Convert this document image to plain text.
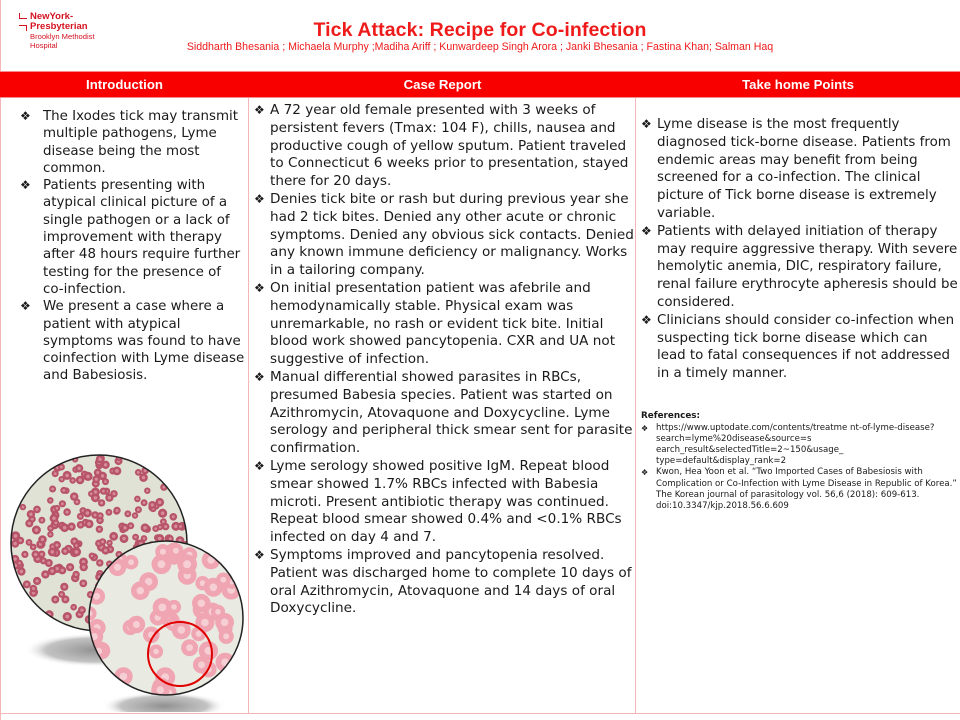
NewYork-
Presbyterian
Brooklyn Methodist
Hospital
Tick Attack: Recipe for Co-infection
Siddharth Bhesania ; Michaela Murphy ;Madiha Ariff ; Kunwardeep Singh Arora ; Janki Bhesania ; Fastina Khan; Salman Haq
Introduction	Case Report	Take home Points
❖ The Ixodes tick may transmit multiple pathogens, Lyme disease being the most common.
❖ Patients presenting with atypical clinical picture of a single pathogen or a lack of improvement with therapy after 48 hours require further testing for the presence of co-infection.
❖ We present a case where a patient with atypical symptoms was found to have coinfection with Lyme disease and Babesiosis.
❖ A 72 year old female presented with 3 weeks of persistent fevers (Tmax: 104 F), chills, nausea and productive cough of yellow sputum. Patient traveled to Connecticut 6 weeks prior to presentation, stayed there for 20 days.
❖ Denies tick bite or rash but during previous year she had 2 tick bites. Denied any other acute or chronic symptoms. Denied any obvious sick contacts. Denied any known immune deficiency or malignancy. Works in a tailoring company.
❖ On initial presentation patient was afebrile and hemodynamically stable. Physical exam was unremarkable, no rash or evident tick bite. Initial blood work showed pancytopenia. CXR and UA not suggestive of infection.
❖ Manual differential showed parasites in RBCs, presumed Babesia species. Patient was started on Azithromycin, Atovaquone and Doxycycline. Lyme serology and peripheral thick smear sent for parasite confirmation.
❖ Lyme serology showed positive IgM. Repeat blood smear showed 1.7% RBCs infected with Babesia microti. Present antibiotic therapy was continued. Repeat blood smear showed 0.4% and <0.1% RBCs infected on day 4 and 7.
❖ Symptoms improved and pancytopenia resolved. Patient was discharged home to complete 10 days of oral Azithromycin, Atovaquone and 14 days of oral Doxycycline.
❖ Lyme disease is the most frequently diagnosed tick-borne disease. Patients from endemic areas may benefit from being screened for a co-infection. The clinical picture of Tick borne disease is extremely variable.
❖ Patients with delayed initiation of therapy may require aggressive therapy. With severe hemolytic anemia, DIC, respiratory failure, renal failure erythrocyte apheresis should be considered.
❖ Clinicians should consider co-infection when suspecting tick borne disease which can lead to fatal consequences if not addressed in a timely manner.
References:
❖ https://www.uptodate.com/contents/treatme nt-of-lyme-disease?search=lyme%20disease&source=s earch_result&selectedTitle=2~150&usage_ type=default&display_rank=2
❖ Kwon, Hea Yoon et al. “Two Imported Cases of Babesiosis with Complication or Co-Infection with Lyme Disease in Republic of Korea.” The Korean journal of parasitology vol. 56,6 (2018): 609-613. doi:10.3347/kjp.2018.56.6.609
